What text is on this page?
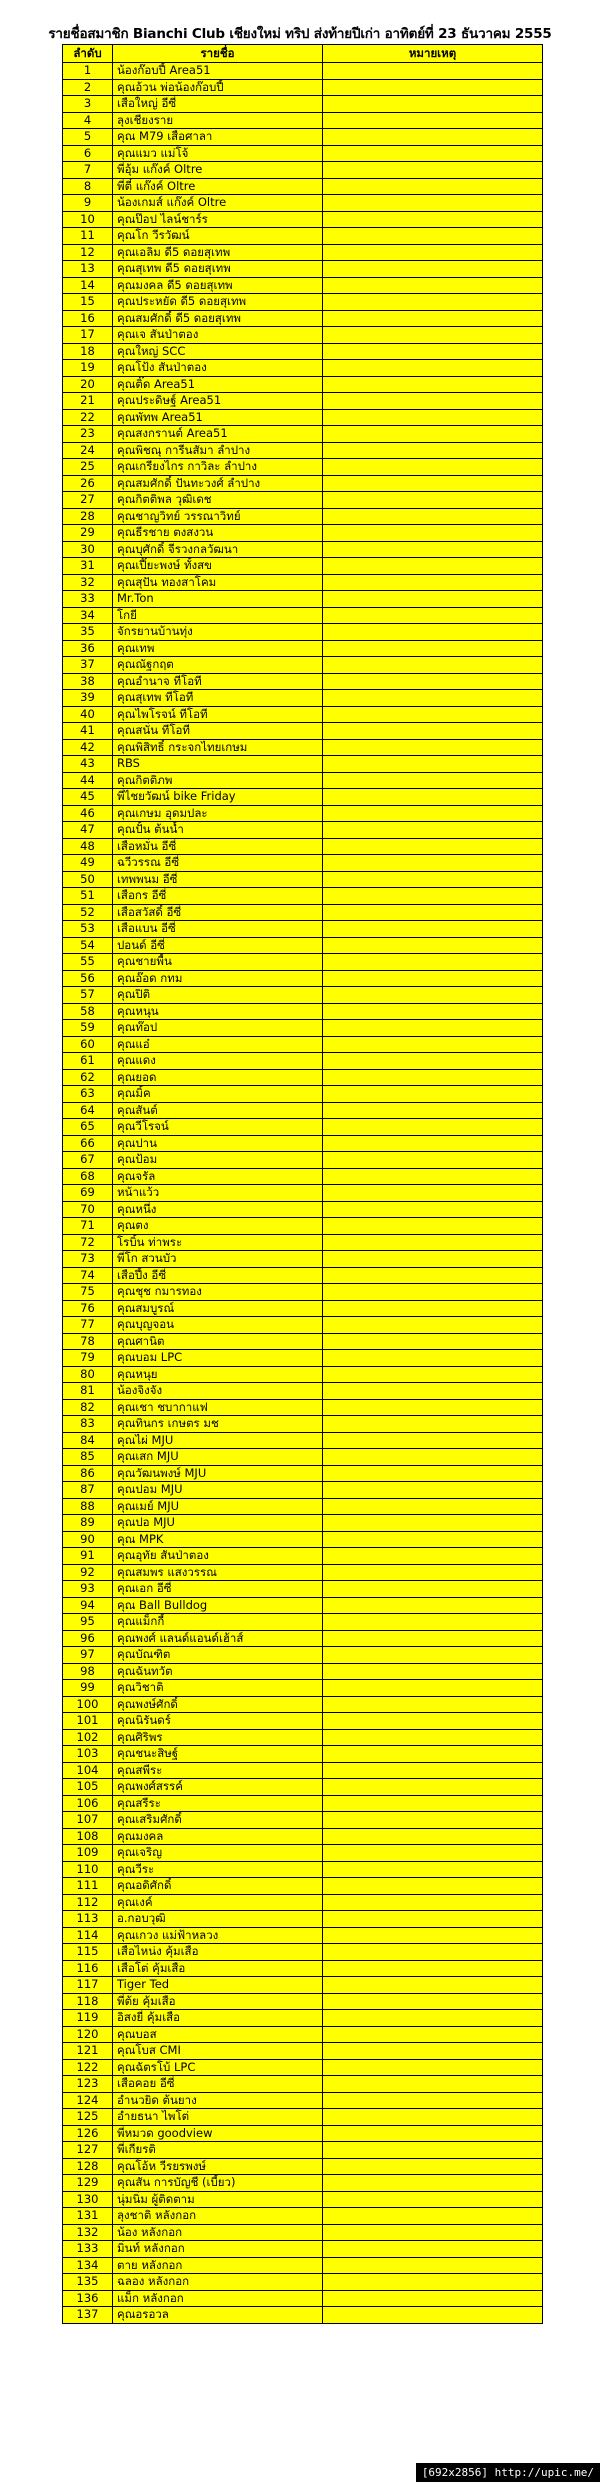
รายชื่อสมาชิก Bianchi Club เชียงใหม่ ทริป ส่งท้ายปีเก่า อาทิตย์ที่ 23 ธันวาคม 2555
ลำดับ	รายชื่อ	หมายเหตุ
1	น้องก๊อบปี้ Area51	
2	คุณอ้วน พ่อน้องก๊อบปี้	
3	เสือใหญ่ อีซี่	
4	ลุงเชียงราย	
5	คุณ M79 เสือศาลา	
6	คุณแมว แม่โจ้	
7	พี่อุ้ม แก๊งค์ Oltre	
8	พี่ตี๋ แก๊งค์ Oltre	
9	น้องเกมส์ แก๊งค์ Oltre	
10	คุณป๊อป ไลน์ชาร์ร	
11	คุณโก วีรวัฒน์	
12	คุณเอลิม ดี5 ดอยสุเทพ	
13	คุณสุเทพ ดี5 ดอยสุเทพ	
14	คุณมงคล ดี5 ดอยสุเทพ	
15	คุณประหยัด ดี5 ดอยสุเทพ	
16	คุณสมศักดิ์ ดี5 ดอยสุเทพ	
17	คุณเจ สันป่าตอง	
18	คุณใหญ่ SCC	
19	คุณโป้ง สันป่าตอง	
20	คุณติ๊ด Area51	
21	คุณประดิษฐ์ Area51	
22	คุณพัทพ Area51	
23	คุณสงกรานต์ Area51	
24	คุณพิชณุ การีนสัมา ลำปาง	
25	คุณเกรียงไกร กาวิละ ลำปาง	
26	คุณสมศักดิ์ ปันทะวงศ์ ลำปาง	
27	คุณกิตติพล วุฒิเดช	
28	คุณชาญวิทย์ วรรณาวิทย์	
29	คุณธีรชาย ตงสงวน	
30	คุณบุศักดิ์ จีรวงกลวัฒนา	
31	คุณเปี๊ยะพงษ์ ทั้งสข	
32	คุณสุปัน ทองสาโคม	
33	Mr.Ton	
34	โกยี	
35	จักรยานบ้านทุ่ง	
36	คุณเทพ	
37	คุณณัฐกฤต	
38	คุณอำนาจ ทีโอที	
39	คุณสุเทพ ทีโอที	
40	คุณไพโรจน์ ทีโอที	
41	คุณสนั่น ทีโอที	
42	คุณพิสิทธิ์ กระจกไทยเกษม	
43	RBS	
44	คุณกิตติภพ	
45	พี่ไชยวัฒน์ bike Friday	
46	คุณเกษม อุดมปละ	
47	คุณปั้น ต้นน้ำ	
48	เสือหมั่น อีซี่	
49	ฉวีวรรณ อีซี่	
50	เทพพนม อีซี่	
51	เสือกร อีซี่	
52	เสือสวัสดิ์ อีซี่	
53	เสือแบน อีซี่	
54	ปอนด์ อีซี่	
55	คุณชายพื้น	
56	คุณอ๊อด กทม	
57	คุณปิติ	
58	คุณหนุน	
59	คุณท๊อป	
60	คุณแอ๋	
61	คุณแดง	
62	คุณยอด	
63	คุณมิ้ค	
64	คุณสันต์	
65	คุณวีโรจน์	
66	คุณปาน	
67	คุณป้อม	
68	คุณจรัล	
69	หน้าแว้ว	
70	คุณหนึ่ง	
71	คุณตง	
72	โรบิ้น ท่าพระ	
73	พี่โก สวนบัว	
74	เสือปึ้ง อีซี่	
75	คุณชุช กมารทอง	
76	คุณสมบูรณ์	
77	คุณบุญจอน	
78	คุณศานิต	
79	คุณบอม LPC	
80	คุณหนุย	
81	น้องจิงจัง	
82	คุณเชา ชบากาแฟ	
83	คุณทินกร เกษตร มช	
84	คุณไผ่ MJU	
85	คุณเสก MJU	
86	คุณวัฒนพงษ์ MJU	
87	คุณปอม MJU	
88	คุณเมย์ MJU	
89	คุณปอ MJU	
90	คุณ MPK	
91	คุณอุทัย สันป่าตอง	
92	คุณสมพร แสงวรรณ	
93	คุณเอก อีซี่	
94	คุณ Ball Bulldog	
95	คุณแม็กกี้	
96	คุณพงศ์ แลนด์แอนด์เฮ้าส์	
97	คุณบัณฑิต	
98	คุณฉันทวัต	
99	คุณวิชาติ	
100	คุณพงษ์ศักดิ์	
101	คุณนิรันดร์	
102	คุณศิริพร	
103	คุณชนะสิษฐ์	
104	คุณสพีระ	
105	คุณพงศ์สรรค์	
106	คุณสรีระ	
107	คุณเสริมศักดิ์	
108	คุณมงคล	
109	คุณเจริญ	
110	คุณวีระ	
111	คุณอดิศักดิ์	
112	คุณเงค์	
113	อ.กอบวุฒิ	
114	คุณเกวง แม่ฟ้าหลวง	
115	เสือไหน่ง คุ้มเสือ	
116	เสือโต่ คุ้มเสือ	
117	Tiger Ted	
118	พี่ต้ย คุ้มเสือ	
119	อิสงยี่ คุ้มเสือ	
120	คุณบอส	
121	คุณโบส CMI	
122	คุณฉัตรโบ้ LPC	
123	เสือคอย อีซี่	
124	อำนวยิด ต้นยาง	
125	อำยธนา ไพโต่	
126	พี่หมวด goodview	
127	พี่เกียรติ	
128	คุณโอ้ห วีรยรพงษ์	
129	คุณสัน การบัญชี (เบี้ยว)	
130	นุ่มนิ่ม ผู้ติดตาม	
131	ลุงชาติ หลังกอก	
132	น้อง หลังกอก	
133	มิ่นท์ หลังกอก	
134	ตาย หลังกอก	
135	ฉลอง หลังกอก	
136	แม็ก หลังกอก	
137	คุณอรอวล	
[692x2856] http://upic.me/
